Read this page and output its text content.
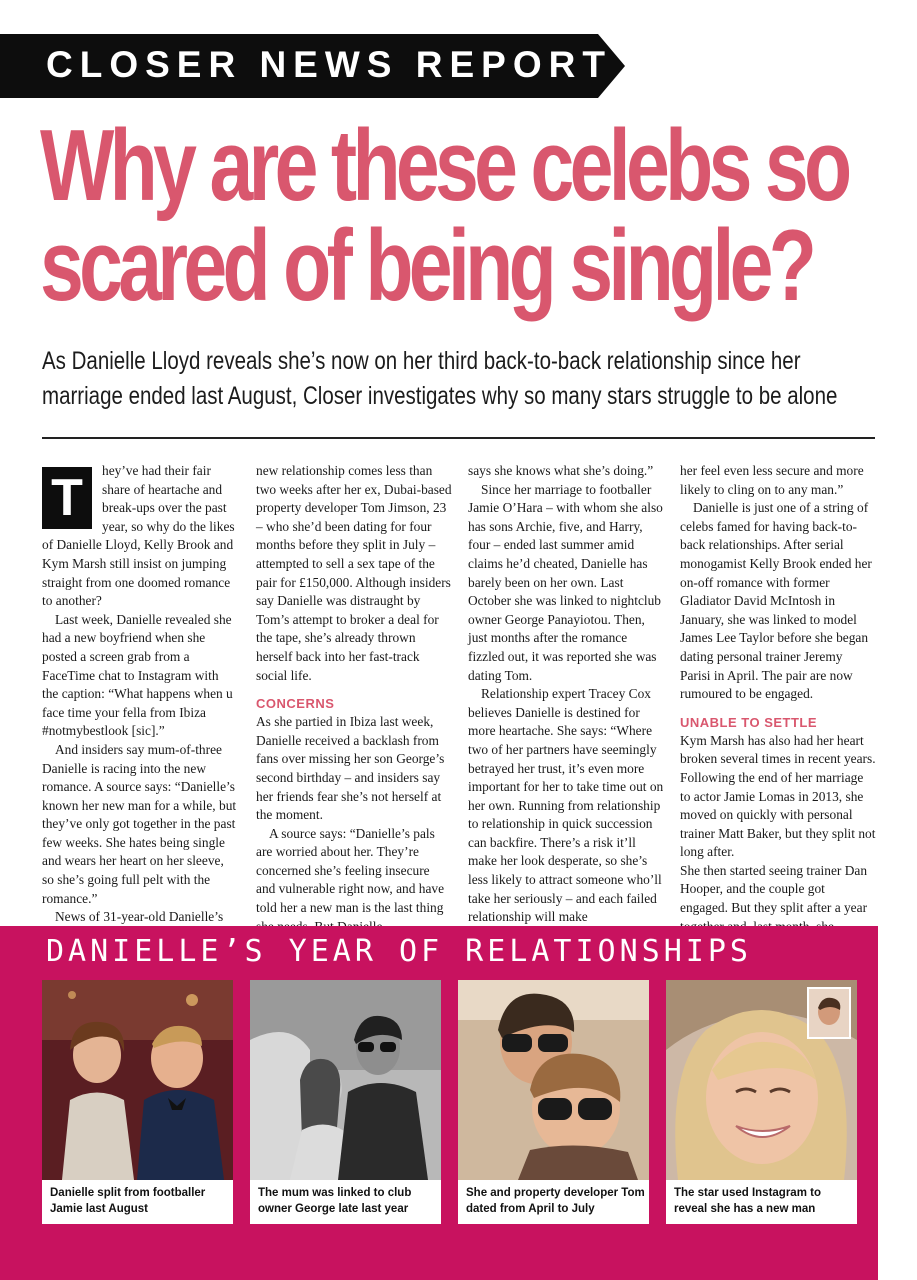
CLOSER NEWS REPORT
Why are these celebs so
scared of being single?
As Danielle Lloyd reveals she’s now on her third back-to-back relationship since her
marriage ended last August, Closer investigates why so many stars struggle to be alone
T	hey’ve had their fair share of heartache and break-ups over the past year, so why do the likes of Danielle Lloyd, Kelly Brook and Kym Marsh still insist on jumping straight from one doomed romance to another?

Last week, Danielle revealed she had a new boyfriend when she posted a screen grab from a FaceTime chat to Instagram with the caption: “What happens when u face time your fella from Ibiza #notmybestlook [sic].”

And insiders say mum-of-three Danielle is racing into the new romance. A source says: “Danielle’s known her new man for a while, but they’ve only got together in the past few weeks. She hates being single and wears her heart on her sleeve, so she’s going full pelt with the romance.”

News of 31-year-old Danielle’s

new relationship comes less than two weeks after her ex, Dubai-based property developer Tom Jimson, 23 – who she’d been dating for four months before they split in July – attempted to sell a sex tape of the pair for £150,000. Although insiders say Danielle was distraught by Tom’s attempt to broker a deal for the tape, she’s already thrown herself back into her fast-track social life.

CONCERNS

As she partied in Ibiza last week, Danielle received a backlash from fans over missing her son George’s second birthday – and insiders say her friends fear she’s not herself at the moment.

A source says: “Danielle’s pals are worried about her. They’re concerned she’s feeling insecure and vulnerable right now, and have told her a new man is the last thing

says she knows what she’s doing.”

Since her marriage to footballer Jamie O’Hara – with whom she also has sons Archie, five, and Harry, four – ended last summer amid claims he’d cheated, Danielle has barely been on her own. Last October she was linked to nightclub owner George Panayiotou. Then, just months after the romance fizzled out, it was reported she was dating Tom.

Relationship expert Tracey Cox believes Danielle is destined for more heartache. She says: “Where two of her partners have seemingly betrayed her trust, it’s even more important for her to take time out on her own. Running from relationship to relationship in quick succession can backfire. There’s a risk it’ll make her look desperate, so she’s less likely to attract someone who’ll take her seriously – and each failed relationship will make

her feel even less secure and more likely to cling on to any man.”

Danielle is just one of a string of celebs famed for having back-to-back relationships. After serial monogamist Kelly Brook ended her on-off romance with former Gladiator David McIntosh in January, she was linked to model James Lee Taylor before she began dating personal trainer Jeremy Parisi in April. The pair are now rumoured to be engaged.

UNABLE TO SETTLE

Kym Marsh has also had her heart broken several times in recent years. Following the end of her marriage to actor Jamie Lomas in 2013, she moved on quickly with personal trainer Matt Baker, but they split not long after.

She then started seeing trainer Dan Hooper, and the couple got engaged. But they split after a year

DANIELLE’S YEAR OF RELATIONSHIPS
Danielle split from footballer Jamie last August
The mum was linked to club owner George late last year
She and property developer Tom dated from April to July
The star used Instagram to reveal she has a new man
